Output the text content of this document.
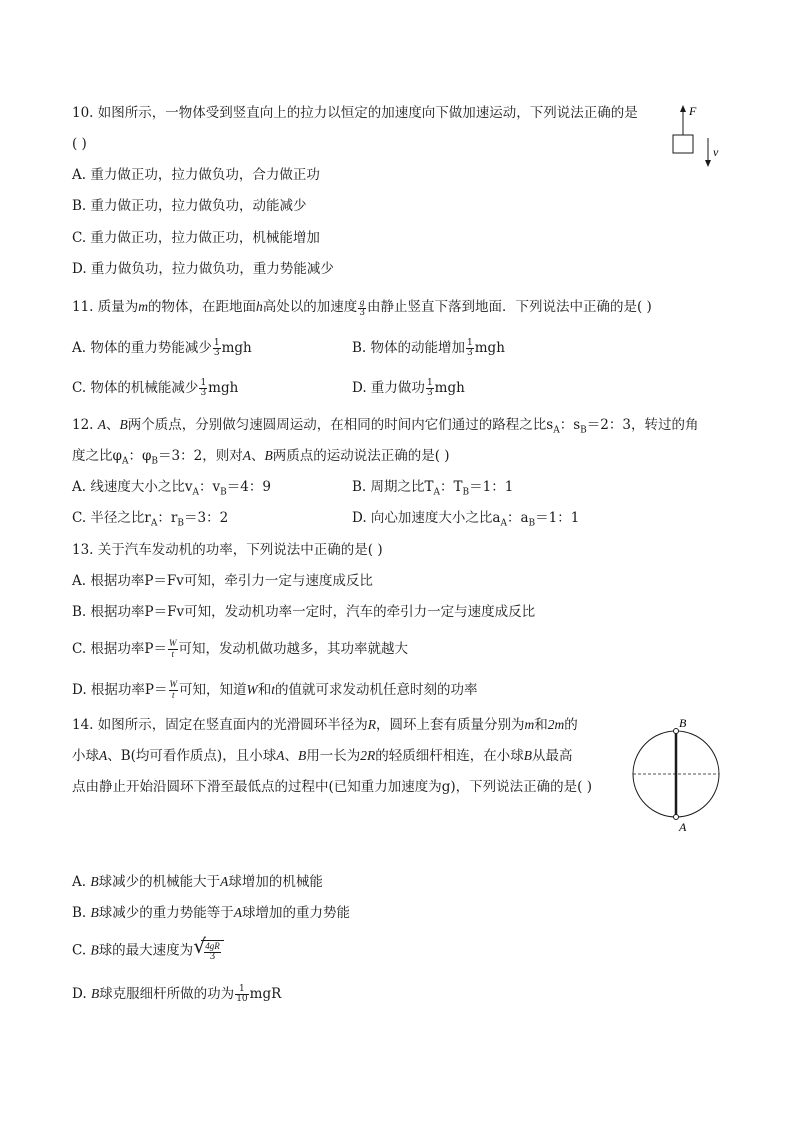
10. 如图所示，一物体受到竖直向上的拉力以恒定的加速度向下做加速运动，下列说法正确的是
( )
A. 重力做正功，拉力做负功，合力做正功
B. 重力做正功，拉力做负功，动能减少
C. 重力做正功，拉力做正功，机械能增加
D. 重力做负功，拉力做负功，重力势能减少
F
v
11. 质量为m的物体，在距地面h高处以的加速度 $\frac{g}{3}$ 由静止竖直下落到地面．下列说法中正确的是( )
A. 物体的重力势能减少 $\frac{1}{3}$ mgh	B. 物体的动能增加 $\frac{1}{3}$ mgh
C. 物体的机械能减少 $\frac{1}{3}$ mgh	D. 重力做功 $\frac{1}{3}$ mgh
12. A、B两个质点，分别做匀速圆周运动，在相同的时间内它们通过的路程之比$s_A$：$s_B=2$：3，转过的角
度之比$\varphi_A$：$\varphi_B=3$：2，则对A、B两质点的运动说法正确的是( )
A. 线速度大小之比$v_A$：$v_B=4$：9	B. 周期之比$T_A$：$T_B=1$：1
C. 半径之比$r_A$：$r_B=3$：2	D. 向心加速度大小之比$a_A$：$a_B=1$：1
13. 关于汽车发动机的功率，下列说法中正确的是( )
A. 根据功率P＝Fv可知，牵引力一定与速度成反比
B. 根据功率P＝Fv可知，发动机功率一定时，汽车的牵引力一定与速度成反比
C. 根据功率$P= \frac{W}{t}$ 可知，发动机做功越多，其功率就越大
D. 根据功率$P= \frac{W}{t}$ 可知，知道W和t的值就可求发动机任意时刻的功率
14. 如图所示，固定在竖直面内的光滑圆环半径为R，圆环上套有质量分别为m和2m的
小球A、B(均可看作质点)，且小球A、B用一长为2R的轻质细杆相连，在小球B从最高
点由静止开始沿圆环下滑至最低点的过程中(已知重力加速度为g)，下列说法正确的是( )
B
A
A. B球减少的机械能大于A球增加的机械能
B. B球减少的重力势能等于A球增加的重力势能
C. B球的最大速度为 √
$\frac{4gR}{3}$
D. B球克服细杆所做的功为 $\frac{1}{10}$ mgR
